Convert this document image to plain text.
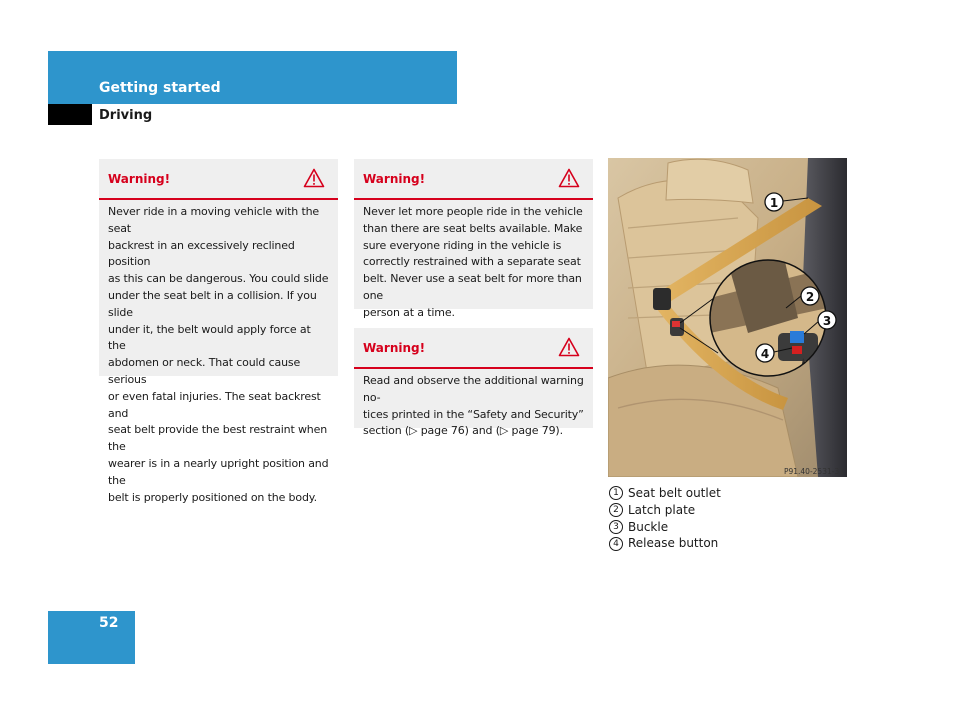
Getting started
Driving
Warning!
Never ride in a moving vehicle with the seat
backrest in an excessively reclined position
as this can be dangerous. You could slide
under the seat belt in a collision. If you slide
under it, the belt would apply force at the
abdomen or neck. That could cause serious
or even fatal injuries. The seat backrest and
seat belt provide the best restraint when the
wearer is in a nearly upright position and the
belt is properly positioned on the body.
Warning!
Never let more people ride in the vehicle
than there are seat belts available. Make
sure everyone riding in the vehicle is
correctly restrained with a separate seat
belt. Never use a seat belt for more than one
person at a time.
Warning!
Read and observe the additional warning no-
tices printed in the “Safety and Security”
section (▷ page 76) and (▷ page 79).
1
2
3
4
P91.40-2531-31
1 Seat belt outlet
2 Latch plate
3 Buckle
4 Release button
52
